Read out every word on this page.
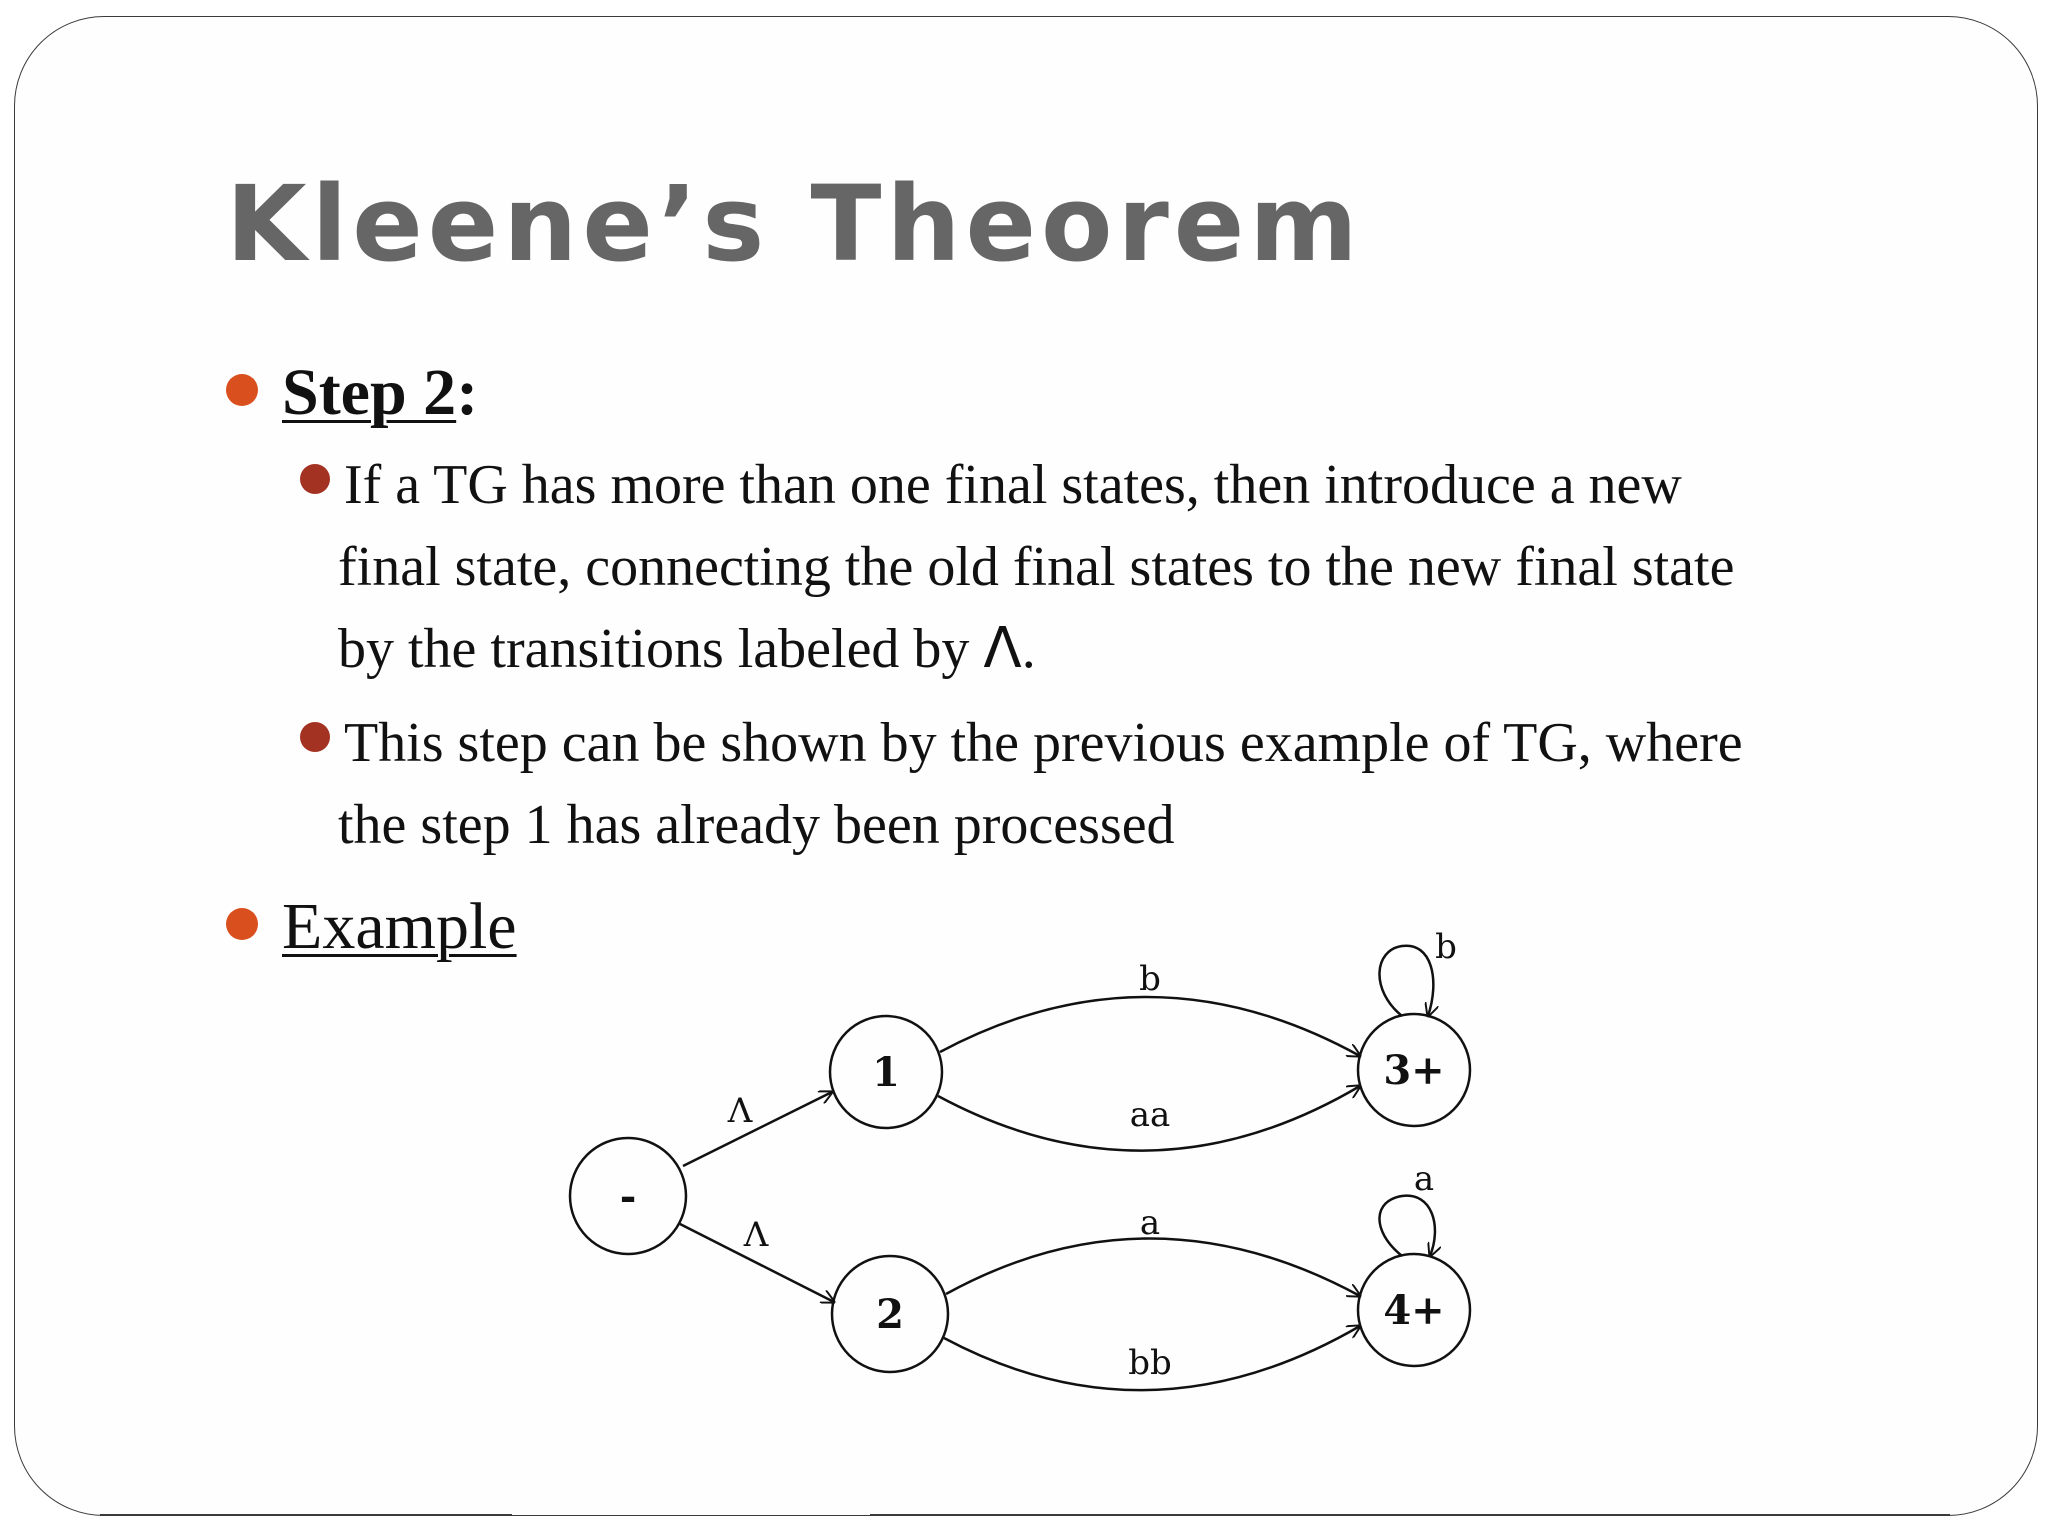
Kleene’s Theorem
Step 2:
If a TG has more than one final states, then introduce a new
final state, connecting the old final states to the new final state
by the transitions labeled by Λ.
This step can be shown by the previous example of TG, where
the step 1 has already been processed
Example
-
1
2
3+
4+
Λ
Λ
b
aa
a
bb
b
a
